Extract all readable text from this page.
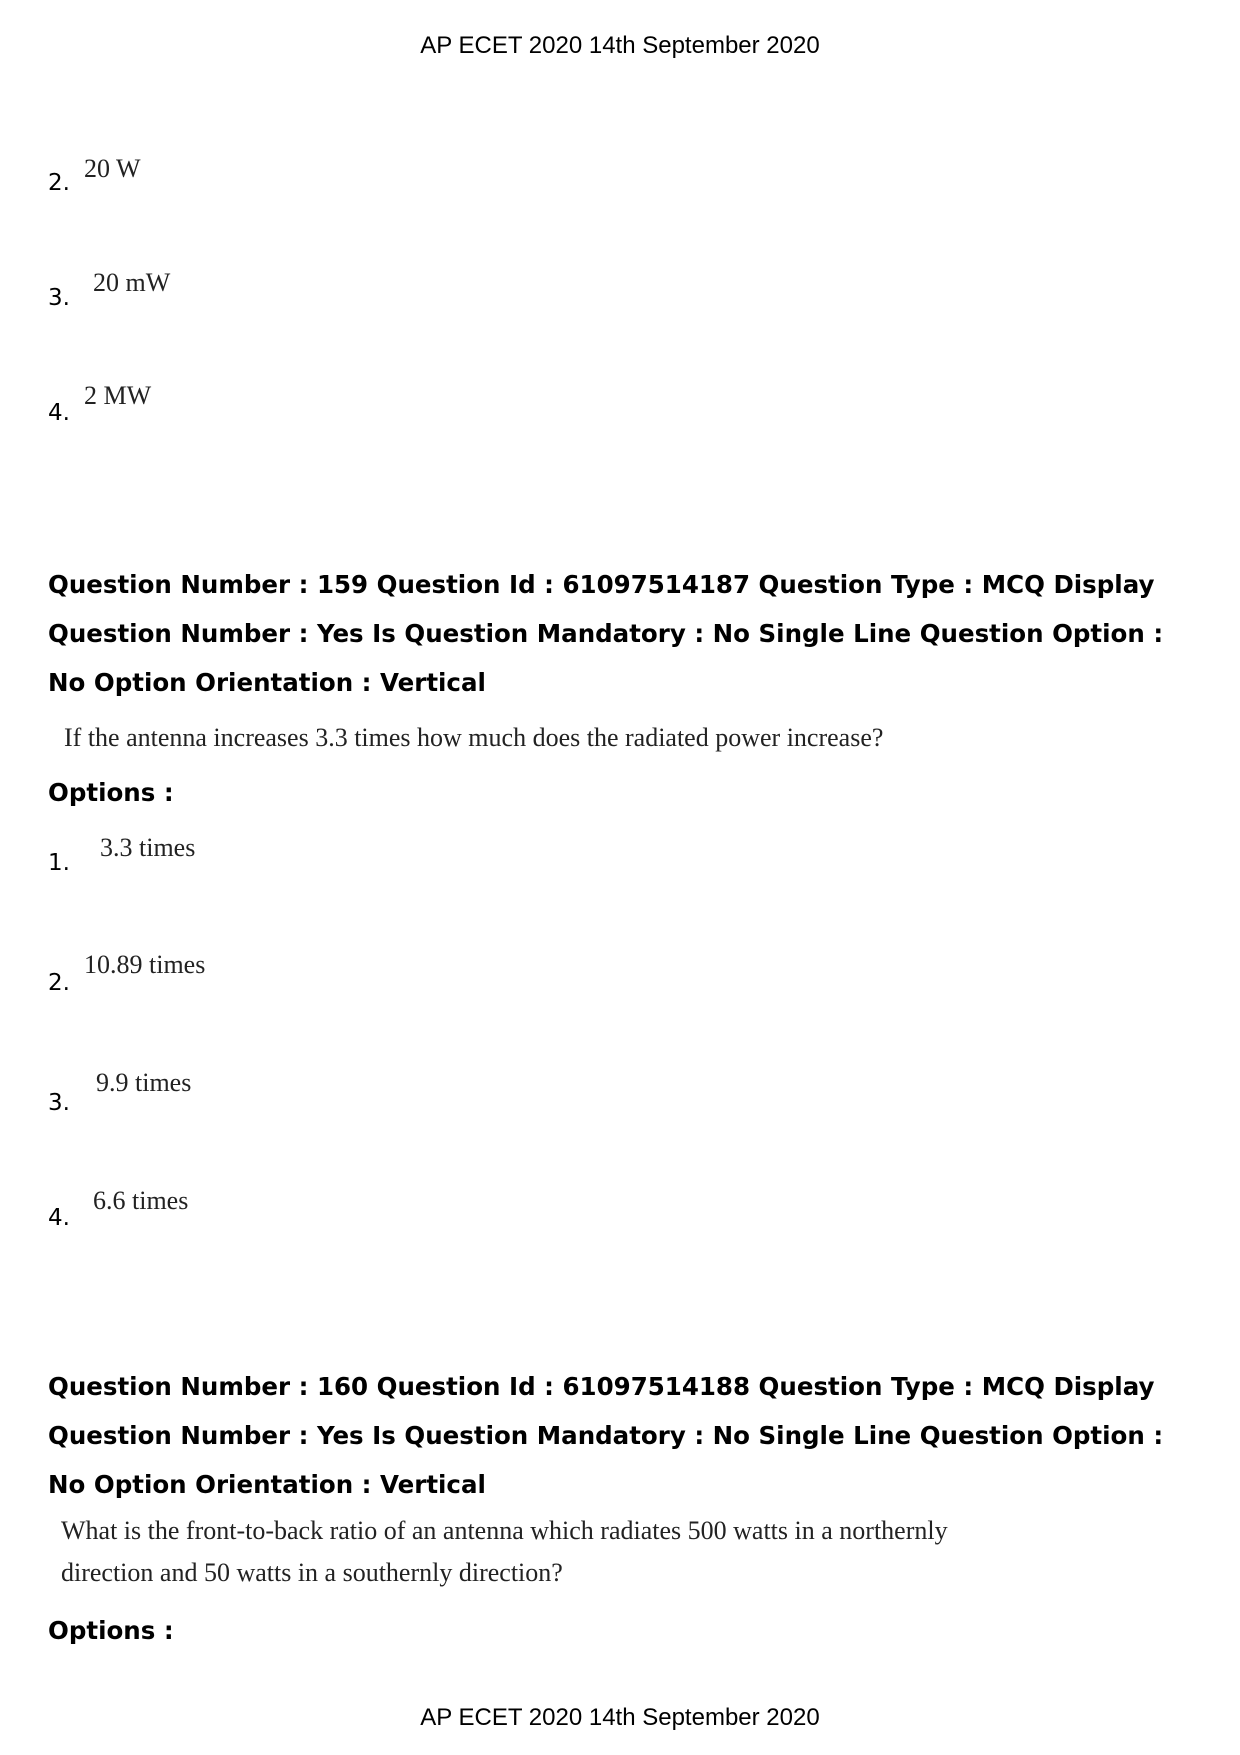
AP ECET 2020 14th September 2020
2. 20 W
3.
20 mW
4.
2 MW
Question Number : 159 Question Id : 61097514187 Question Type : MCQ Display Question Number : Yes Is Question Mandatory : No Single Line Question Option : No Option Orientation : Vertical
If the antenna increases 3.3 times how much does the radiated power increase?
Options :
1.
3.3 times
2.
10.89 times
3.
9.9 times
4.
6.6 times
Question Number : 160 Question Id : 61097514188 Question Type : MCQ Display Question Number : Yes Is Question Mandatory : No Single Line Question Option : No Option Orientation : Vertical
What is the front-to-back ratio of an antenna which radiates 500 watts in a northernly
direction and 50 watts in a southernly direction?
Options :
AP ECET 2020 14th September 2020
